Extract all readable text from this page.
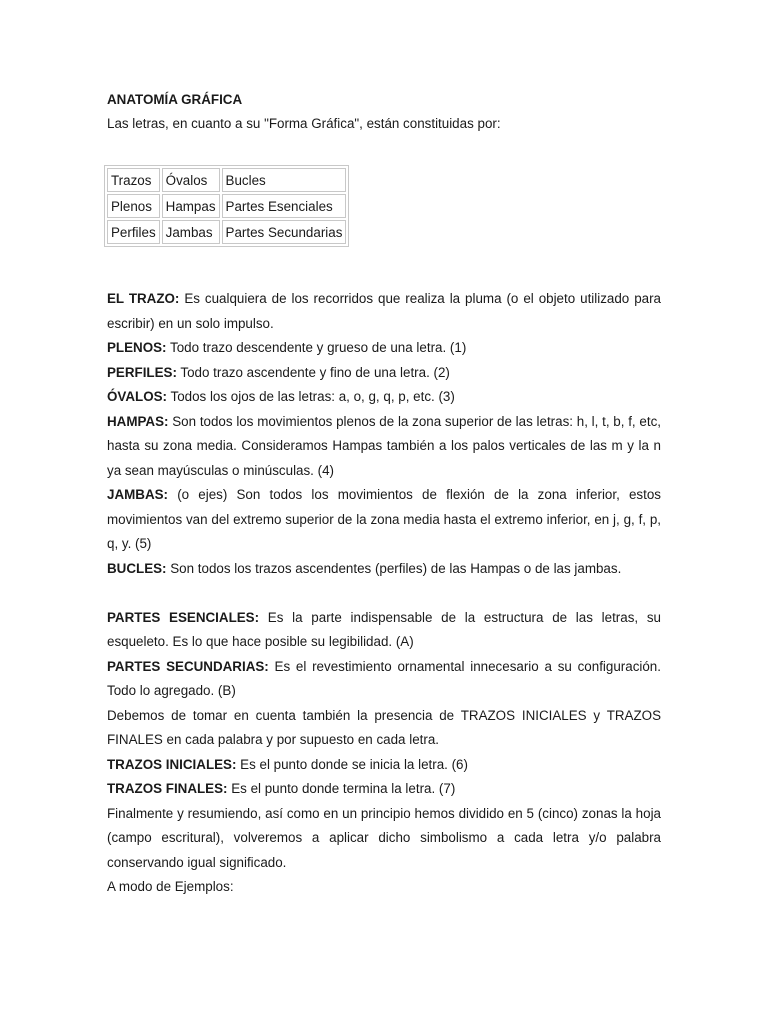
ANATOMÍA GRÁFICA
Las letras, en cuanto a su "Forma Gráfica", están constituidas por:
Trazos	Óvalos	Bucles
Plenos	Hampas	Partes Esenciales
Perfiles	Jambas	Partes Secundarias

EL TRAZO: Es cualquiera de los recorridos que realiza la pluma (o el objeto utilizado para escribir) en un solo impulso.

PLENOS: Todo trazo descendente y grueso de una letra. (1)

PERFILES: Todo trazo ascendente y fino de una letra. (2)

ÓVALOS: Todos los ojos de las letras: a, o, g, q, p, etc. (3)

HAMPAS: Son todos los movimientos plenos de la zona superior de las letras: h, l, t, b, f, etc, hasta su zona media. Consideramos Hampas también a los palos verticales de las m y la n ya sean mayúsculas o minúsculas. (4)

JAMBAS: (o ejes) Son todos los movimientos de flexión de la zona inferior, estos movimientos van del extremo superior de la zona media hasta el extremo inferior, en j, g, f, p, q, y. (5)

BUCLES: Son todos los trazos ascendentes (perfiles) de las Hampas o de las jambas.

PARTES ESENCIALES: Es la parte indispensable de la estructura de las letras, su esqueleto. Es lo que hace posible su legibilidad. (A)

PARTES SECUNDARIAS: Es el revestimiento ornamental innecesario a su configuración. Todo lo agregado. (B)

Debemos de tomar en cuenta también la presencia de TRAZOS INICIALES y TRAZOS FINALES en cada palabra y por supuesto en cada letra.

TRAZOS INICIALES: Es el punto donde se inicia la letra. (6)

TRAZOS FINALES: Es el punto donde termina la letra. (7)

Finalmente y resumiendo, así como en un principio hemos dividido en 5 (cinco) zonas la hoja (campo escritural), volveremos a aplicar dicho simbolismo a cada letra y/o palabra conservando igual significado.

A modo de Ejemplos:
